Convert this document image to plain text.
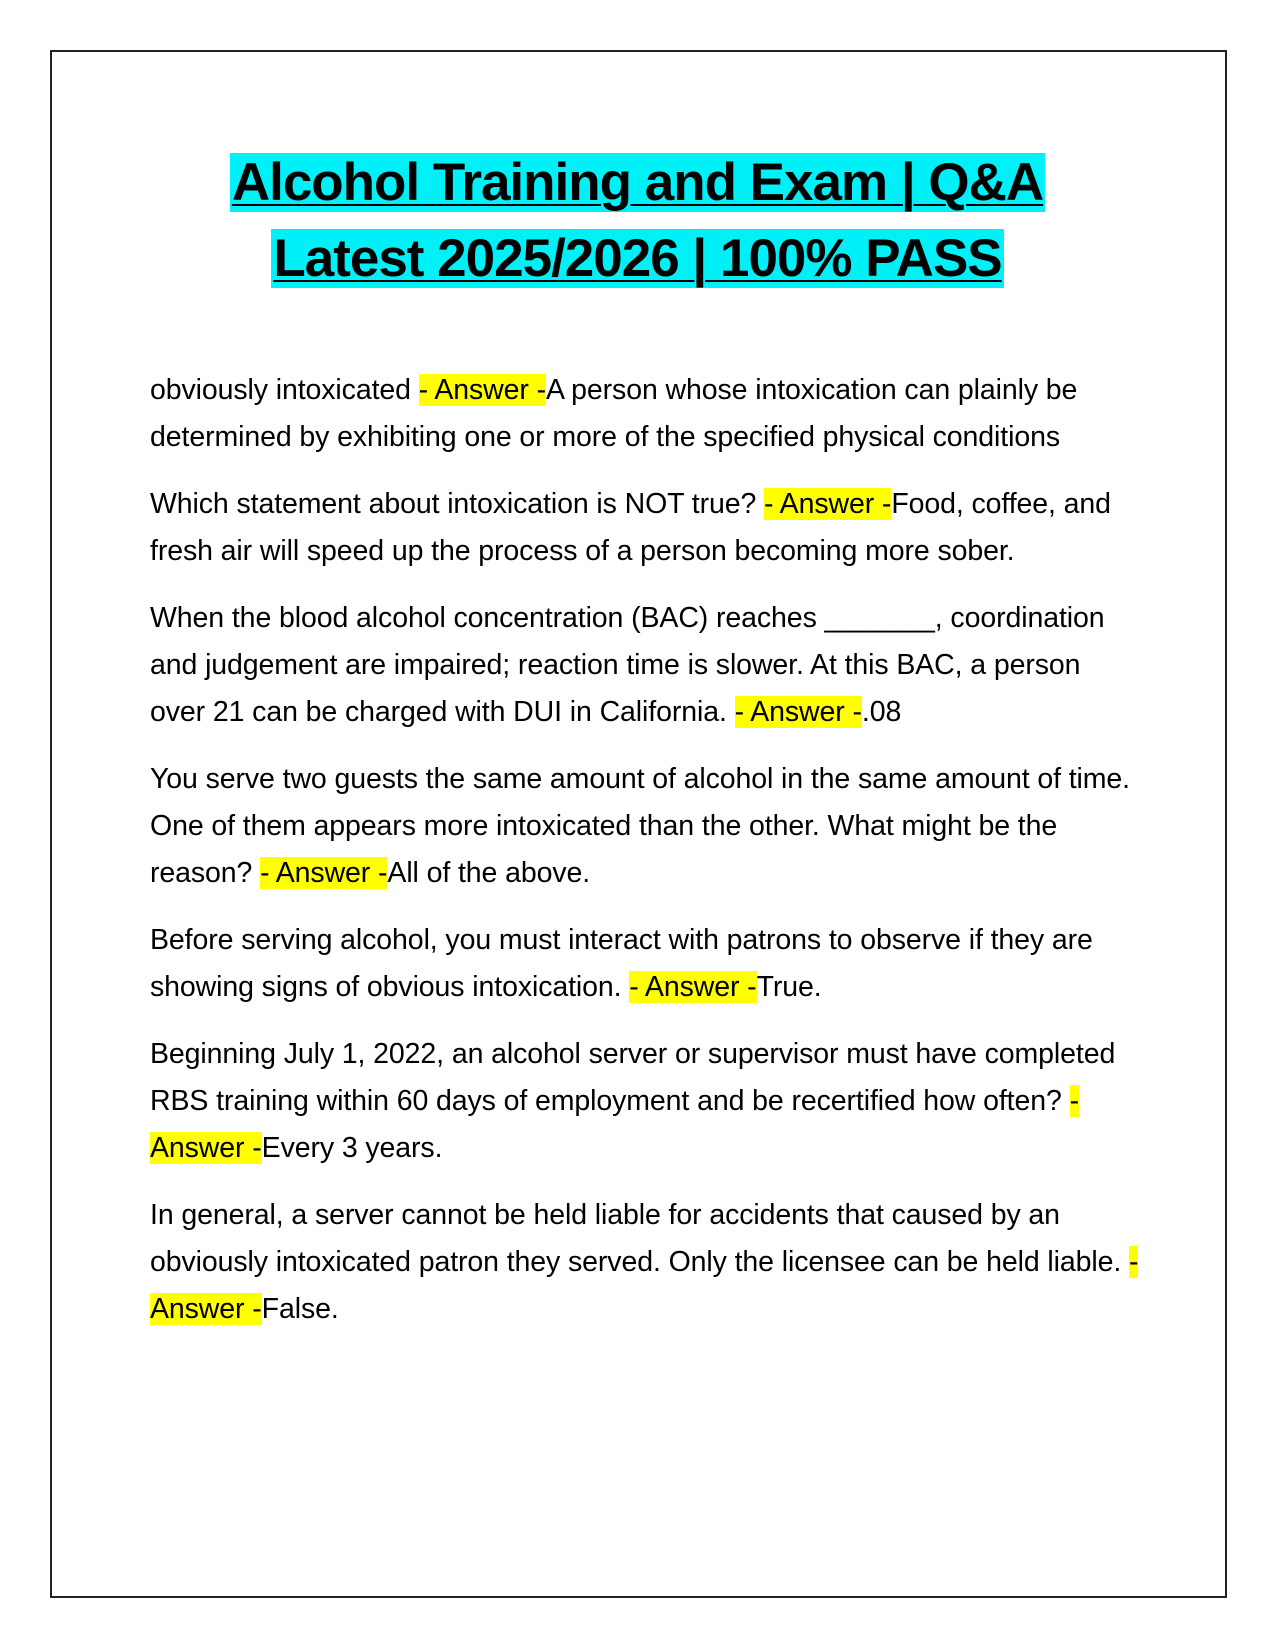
Alcohol Training and Exam | Q&A
Latest 2025/2026 | 100% PASS

obviously intoxicated - Answer -A person whose intoxication can plainly be determined by exhibiting one or more of the specified physical conditions

Which statement about intoxication is NOT true? - Answer -Food, coffee, and fresh air will speed up the process of a person becoming more sober.

When the blood alcohol concentration (BAC) reaches _______, coordination and judgement are impaired; reaction time is slower. At this BAC, a person over 21 can be charged with DUI in California. - Answer -.08

You serve two guests the same amount of alcohol in the same amount of time. One of them appears more intoxicated than the other. What might be the reason? - Answer -All of the above.

Before serving alcohol, you must interact with patrons to observe if they are showing signs of obvious intoxication. - Answer -True.

Beginning July 1, 2022, an alcohol server or supervisor must have completed RBS training within 60 days of employment and be recertified how often? - Answer -Every 3 years.

In general, a server cannot be held liable for accidents that caused by an obviously intoxicated patron they served. Only the licensee can be held liable. - Answer -False.
